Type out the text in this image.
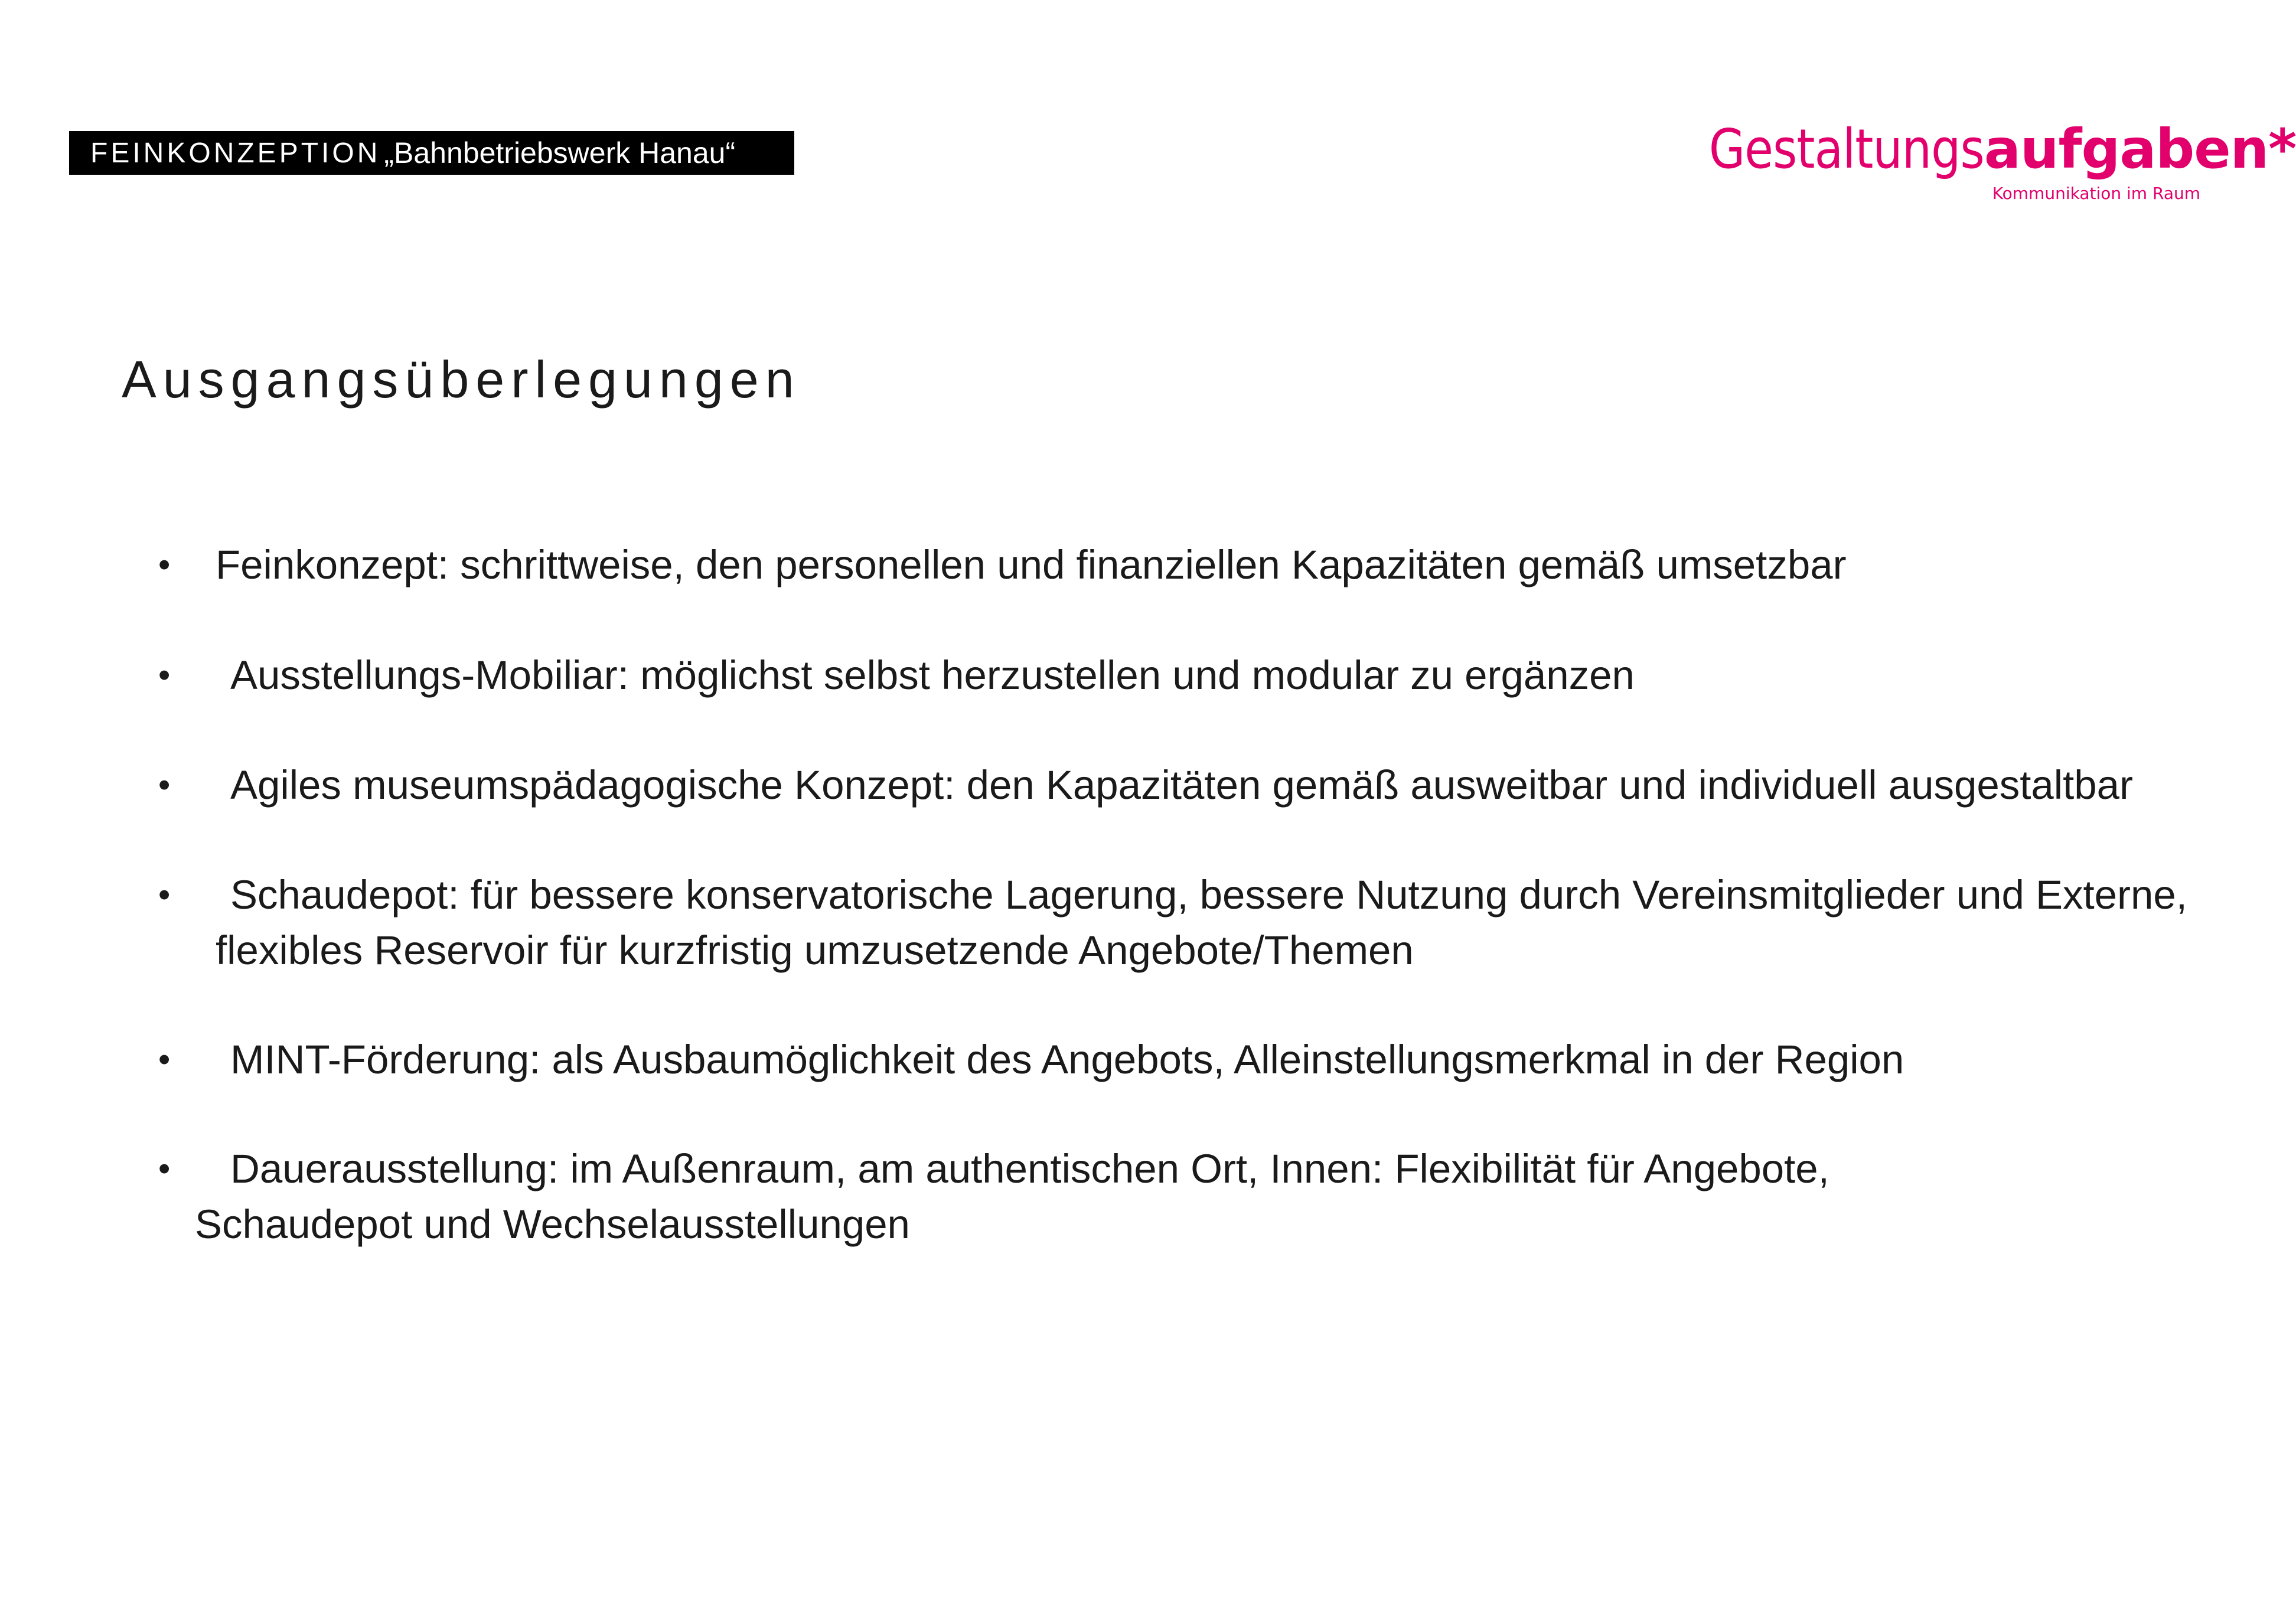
FEINKONZEPTION „Bahnbetriebswerk Hanau“	Gestaltungsaufgaben*
Kommunikation im Raum
Ausgangsüberlegungen
• Feinkonzept: schrittweise, den personellen und finanziellen Kapazitäten gemäß umsetzbar
• Ausstellungs-Mobiliar: möglichst selbst herzustellen und modular zu ergänzen
• Agiles museumspädagogische Konzept: den Kapazitäten gemäß ausweitbar und individuell ausgestaltbar
• Schaudepot: für bessere konservatorische Lagerung, bessere Nutzung durch Vereinsmitglieder und Externe,
flexibles Reservoir für kurzfristig umzusetzende Angebote/Themen
• MINT-Förderung: als Ausbaumöglichkeit des Angebots, Alleinstellungsmerkmal in der Region
• Dauerausstellung: im Außenraum, am authentischen Ort, Innen: Flexibilität für Angebote,
Schaudepot und Wechselausstellungen
